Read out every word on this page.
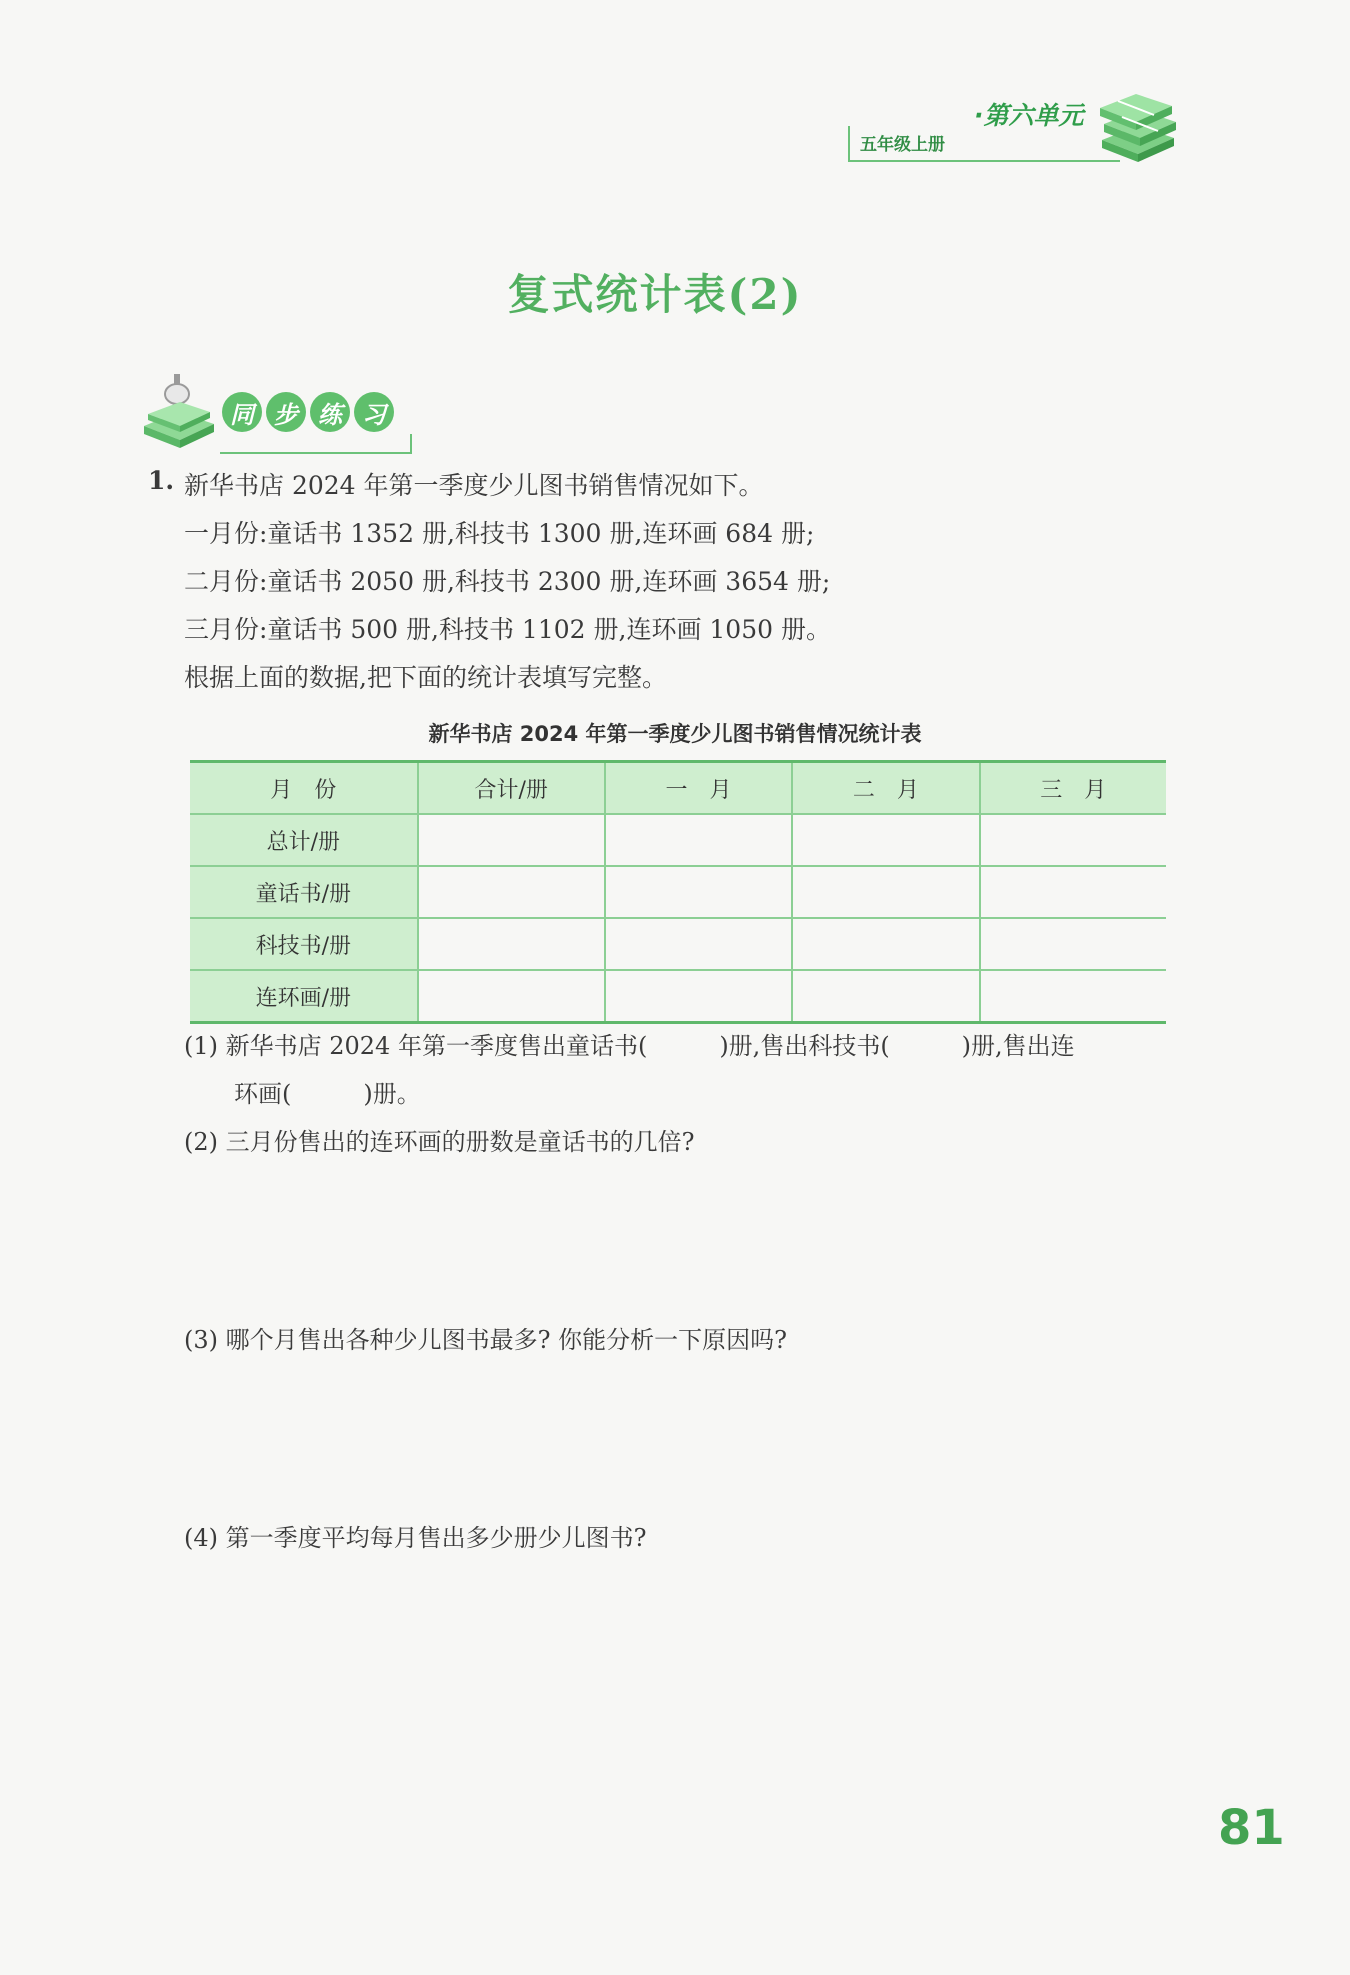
五年级上册
·第六单元
复式统计表(2)
同 步 练 习
1. 新华书店 2024 年第一季度少儿图书销售情况如下。
一月份:童话书 1352 册,科技书 1300 册,连环画 684 册;
二月份:童话书 2050 册,科技书 2300 册,连环画 3654 册;
三月份:童话书 500 册,科技书 1102 册,连环画 1050 册。
根据上面的数据,把下面的统计表填写完整。
新华书店 2024 年第一季度少儿图书销售情况统计表
月　份	合计/册	一　月	二　月	三　月
总计/册				
童话书/册				
科技书/册				
连环画/册				
(1) 新华书店 2024 年第一季度售出童话书(　　　)册,售出科技书(　　　)册,售出连
环画(　　　)册。
(2) 三月份售出的连环画的册数是童话书的几倍?
(3) 哪个月售出各种少儿图书最多? 你能分析一下原因吗?
(4) 第一季度平均每月售出多少册少儿图书?
81
